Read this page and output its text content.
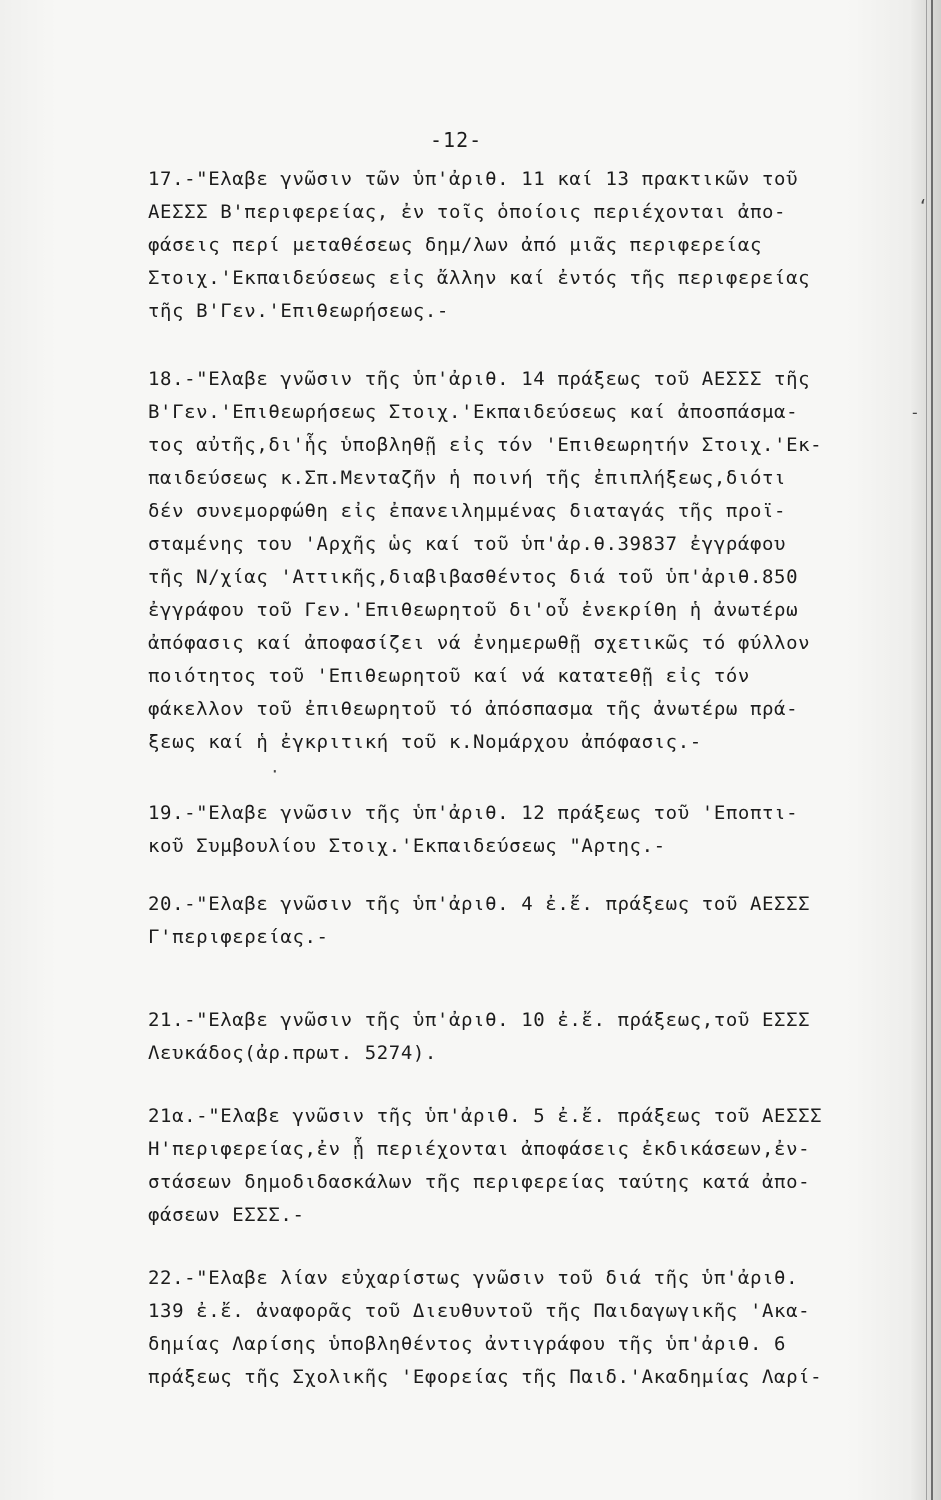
-12-
17.-"Ελαβε γνῶσιν τῶν ὑπ'ἀριθ. 11 καί 13 πρακτικῶν τοῦ
ΑΕΣΣΣ Β'περιφερείας, ἐν τοῖς ὁποίοις περιέχονται ἀπο-
φάσεις περί μεταθέσεως δημ/λων ἀπό μιᾶς περιφερείας
Στοιχ.'Εκπαιδεύσεως εἰς ἄλλην καί ἐντός τῆς περιφερείας
τῆς Β'Γεν.'Επιθεωρήσεως.-
18.-"Ελαβε γνῶσιν τῆς ὑπ'ἀριθ. 14 πράξεως τοῦ ΑΕΣΣΣ τῆς
Β'Γεν.'Επιθεωρήσεως Στοιχ.'Εκπαιδεύσεως καί ἀποσπάσμα-
τος αὐτῆς,δι'ἧς ὑποβληθῇ εἰς τόν 'Επιθεωρητήν Στοιχ.'Εκ-
παιδεύσεως κ.Σπ.Μενταζῆν ἡ ποινή τῆς ἐπιπλήξεως,διότι
δέν συνεμορφώθη εἰς ἐπανειλημμένας διαταγάς τῆς προϊ-
σταμένης του 'Αρχῆς ὡς καί τοῦ ὑπ'ἀρ.θ.39837 ἐγγράφου
τῆς Ν/χίας 'Αττικῆς,διαβιβασθέντος διά τοῦ ὑπ'ἀριθ.850
ἐγγράφου τοῦ Γεν.'Επιθεωρητοῦ δι'οὗ ἐνεκρίθη ἡ ἀνωτέρω
ἀπόφασις καί ἀποφασίζει νά ἐνημερωθῇ σχετικῶς τό φύλλον
ποιότητος τοῦ 'Επιθεωρητοῦ καί νά κατατεθῇ εἰς τόν
φάκελλον τοῦ ἐπιθεωρητοῦ τό ἀπόσπασμα τῆς ἀνωτέρω πρά-
ξεως καί ἡ ἐγκριτική τοῦ κ.Νομάρχου ἀπόφασις.-
19.-"Ελαβε γνῶσιν τῆς ὑπ'ἀριθ. 12 πράξεως τοῦ 'Εποπτι-
κοῦ Συμβουλίου Στοιχ.'Εκπαιδεύσεως "Αρτης.-
20.-"Ελαβε γνῶσιν τῆς ὑπ'ἀριθ. 4 ἐ.ἔ. πράξεως τοῦ ΑΕΣΣΣ
Γ'περιφερείας.-
21.-"Ελαβε γνῶσιν τῆς ὑπ'ἀριθ. 10 ἐ.ἔ. πράξεως,τοῦ ΕΣΣΣ
Λευκάδος(ἀρ.πρωτ. 5274).
21α.-"Ελαβε γνῶσιν τῆς ὑπ'ἀριθ. 5 ἐ.ἔ. πράξεως τοῦ ΑΕΣΣΣ
Η'περιφερείας,ἐν ᾗ περιέχονται ἀποφάσεις ἐκδικάσεων,ἐν-
στάσεων δημοδιδασκάλων τῆς περιφερείας ταύτης κατά ἀπο-
φάσεων ΕΣΣΣ.-
22.-"Ελαβε λίαν εὐχαρίστως γνῶσιν τοῦ διά τῆς ὑπ'ἀριθ.
139 ἐ.ἔ. ἀναφορᾶς τοῦ Διευθυντοῦ τῆς Παιδαγωγικῆς 'Ακα-
δημίας Λαρίσης ὑποβληθέντος ἀντιγράφου τῆς ὑπ'ἀριθ. 6
πράξεως τῆς Σχολικῆς 'Εφορείας τῆς Παιδ.'Ακαδημίας Λαρί-
‘
-
·
